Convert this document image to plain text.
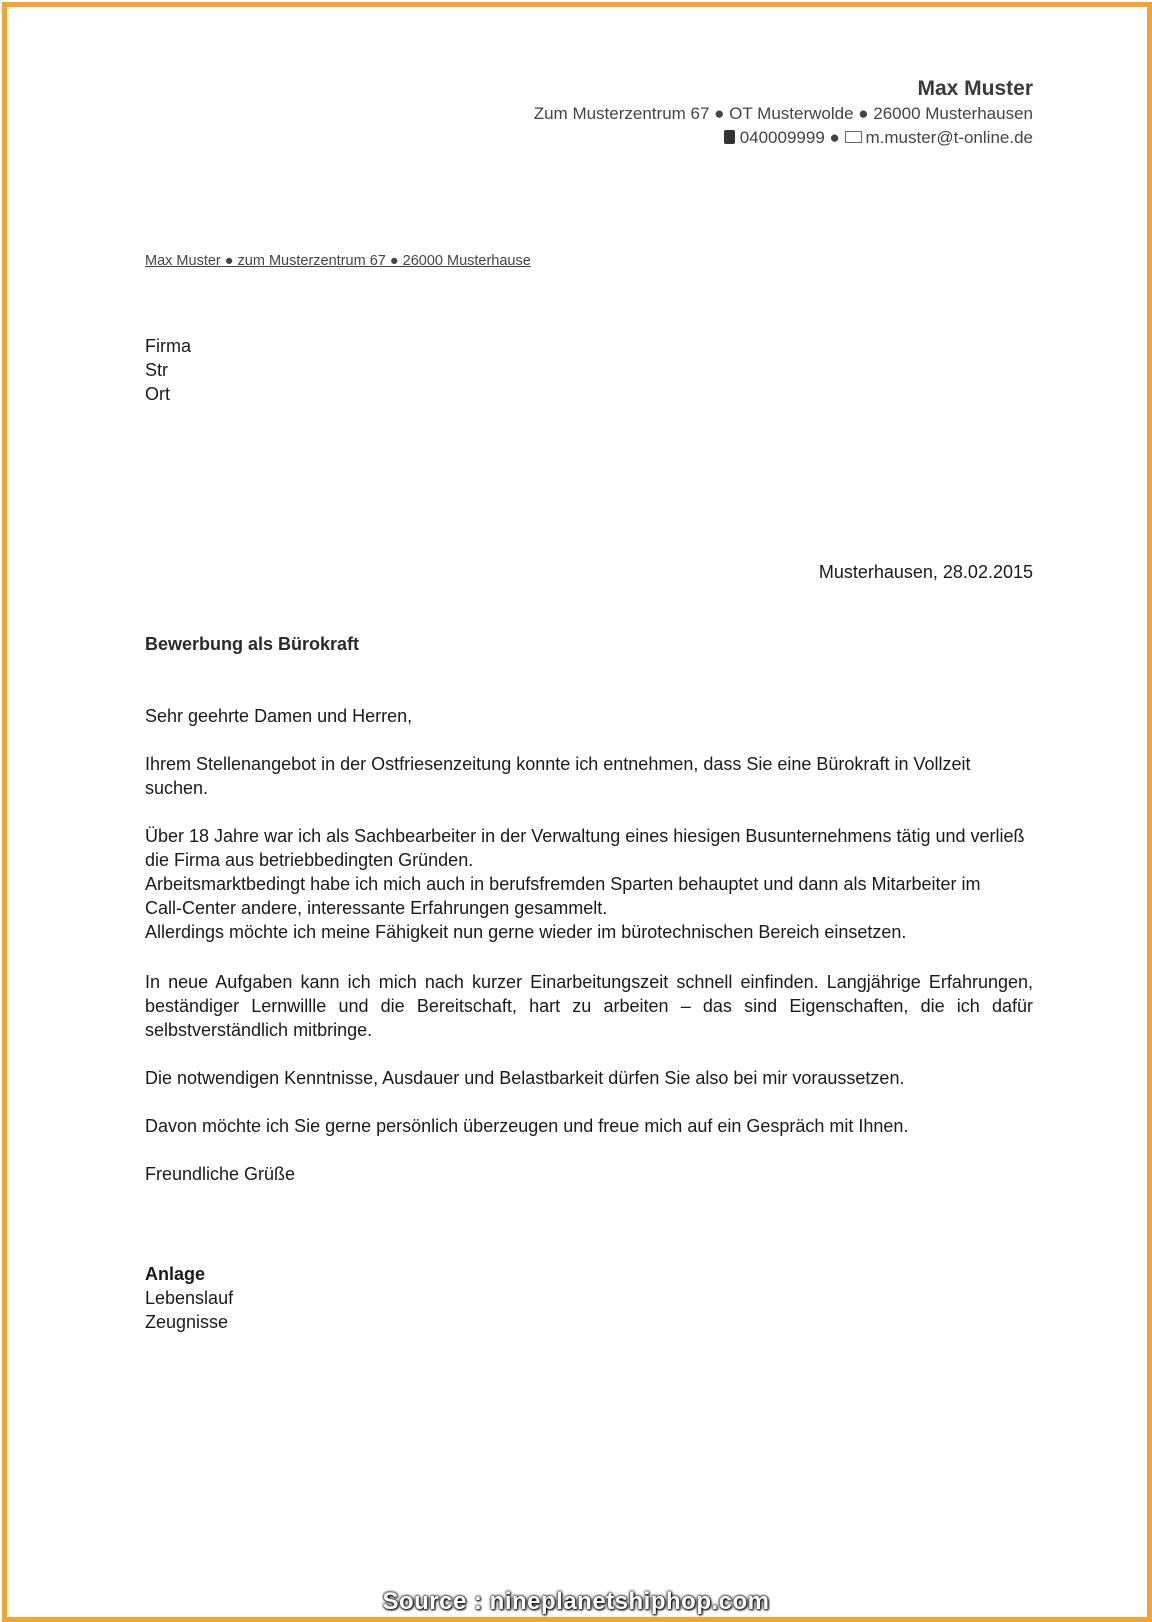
Max Muster
Zum Musterzentrum 67 ● OT Musterwolde ● 26000 Musterhausen
040009999 ● m.muster@t-online.de
Max Muster ● zum Musterzentrum 67 ● 26000 Musterhause
Firma
Str
Ort
Musterhausen, 28.02.2015
Bewerbung als Bürokraft

Sehr geehrte Damen und Herren,

Ihrem Stellenangebot in der Ostfriesenzeitung konnte ich entnehmen, dass Sie eine Bürokraft in Vollzeit suchen.

Über 18 Jahre war ich als Sachbearbeiter in der Verwaltung eines hiesigen Busunternehmens tätig und verließ die Firma aus betriebbedingten Gründen.

Arbeitsmarktbedingt habe ich mich auch in berufsfremden Sparten behauptet und dann als Mitarbeiter im Call-Center andere, interessante Erfahrungen gesammelt.

Allerdings möchte ich meine Fähigkeit nun gerne wieder im bürotechnischen Bereich einsetzen.

In neue Aufgaben kann ich mich nach kurzer Einarbeitungszeit schnell einfinden. Langjährige Erfahrungen, beständiger Lernwillle und die Bereitschaft, hart zu arbeiten – das sind Eigenschaften, die ich dafür selbstverständlich mitbringe.

Die notwendigen Kenntnisse, Ausdauer und Belastbarkeit dürfen Sie also bei mir voraussetzen.

Davon möchte ich Sie gerne persönlich überzeugen und freue mich auf ein Gespräch mit Ihnen.

Freundliche Grüße

Anlage
Lebenslauf
Zeugnisse
Source : nineplanetshiphop.com
